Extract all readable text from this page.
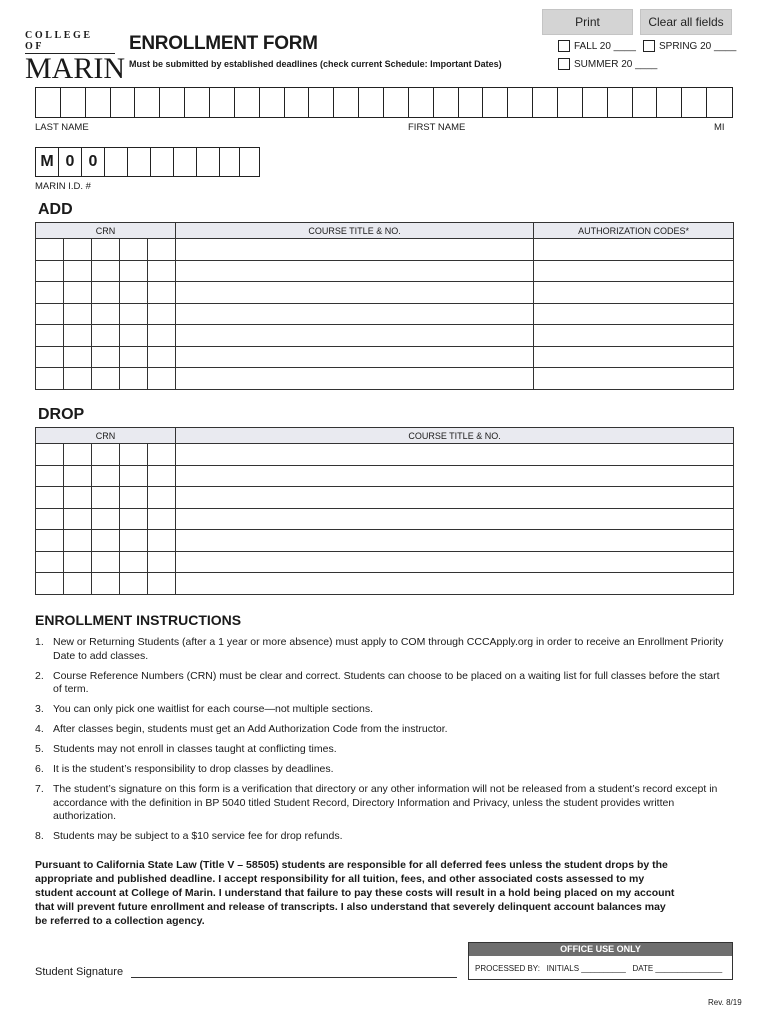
Print	Clear all fields
COLLEGE OF
MARIN
ENROLLMENT FORM
Must be submitted by established deadlines (check current Schedule: Important Dates)
FALL 20 ____ SPRING 20 ____
SUMMER 20 ____
LAST NAME	FIRST NAME	MI
M 0 0
MARIN I.D. #
ADD
CRN					COURSE TITLE & NO.	AUTHORIZATION CODES*

DROP
CRN					COURSE TITLE & NO.

ENROLLMENT INSTRUCTIONS
1. New or Returning Students (after a 1 year or more absence) must apply to COM through CCCApply.org in order to receive an Enrollment Priority Date to add classes.
2. Course Reference Numbers (CRN) must be clear and correct. Students can choose to be placed on a waiting list for full classes before the start of term.
3. You can only pick one waitlist for each course—not multiple sections.
4. After classes begin, students must get an Add Authorization Code from the instructor.
5. Students may not enroll in classes taught at conflicting times.
6. It is the student’s responsibility to drop classes by deadlines.
7. The student’s signature on this form is a verification that directory or any other information will not be released from a student’s record except in accordance with the definition in BP 5040 titled Student Record, Directory Information and Privacy, unless the student provides written authorization.
8. Students may be subject to a $10 service fee for drop refunds.
Pursuant to California State Law (Title V – 58505) students are responsible for all deferred fees unless the student drops by the appropriate and published deadline. I accept responsibility for all tuition, fees, and other associated costs assessed to my student account at College of Marin. I understand that failure to pay these costs will result in a hold being placed on my account that will prevent future enrollment and release of transcripts. I also understand that severely delinquent account balances may be referred to a collection agency.
Student Signature
OFFICE USE ONLY
PROCESSED BY: INITIALS __________ DATE _______________
Rev. 8/19
